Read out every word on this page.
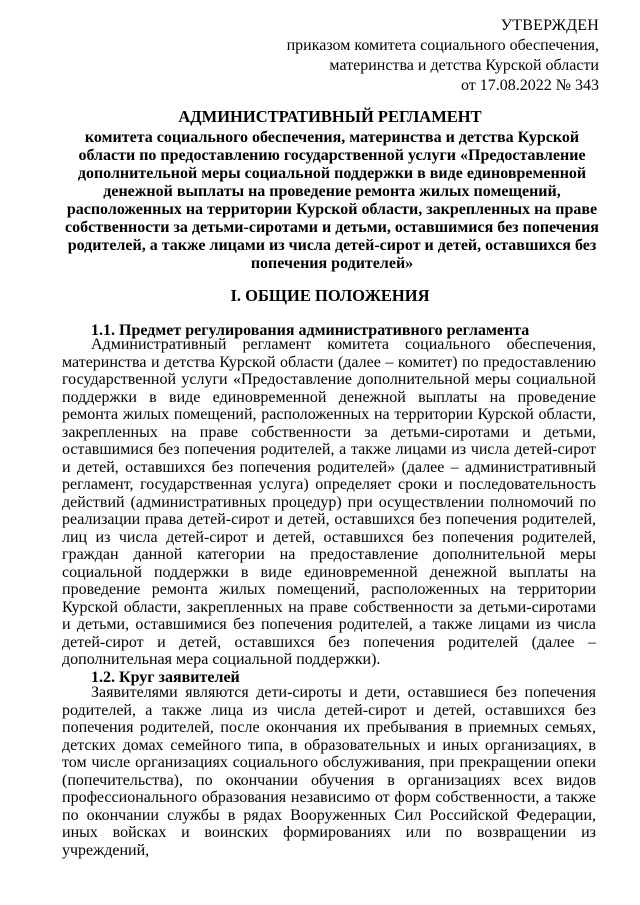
УТВЕРЖДЕН
приказом комитета социального обеспечения,
материнства и детства Курской области
от 17.08.2022 № 343
АДМИНИСТРАТИВНЫЙ РЕГЛАМЕНТ
комитета социального обеспечения, материнства и детства Курской области по предоставлению государственной услуги «Предоставление дополнительной меры социальной поддержки в виде единовременной денежной выплаты на проведение ремонта жилых помещений, расположенных на территории Курской области, закрепленных на праве собственности за детьми-сиротами и детьми, оставшимися без попечения родителей, а также лицами из числа детей-сирот и детей, оставшихся без попечения родителей»
I. ОБЩИЕ ПОЛОЖЕНИЯ
1.1. Предмет регулирования административного регламента
Административный регламент комитета социального обеспечения, материнства и детства Курской области (далее – комитет) по предоставлению государственной услуги «Предоставление дополнительной меры социальной поддержки в виде единовременной денежной выплаты на проведение ремонта жилых помещений, расположенных на территории Курской области, закрепленных на праве собственности за детьми-сиротами и детьми, оставшимися без попечения родителей, а также лицами из числа детей-сирот и детей, оставшихся без попечения родителей» (далее – административный регламент, государственная услуга) определяет сроки и последовательность действий (административных процедур) при осуществлении полномочий по реализации права детей-сирот и детей, оставшихся без попечения родителей, лиц из числа детей-сирот и детей, оставшихся без попечения родителей, граждан данной категории на предоставление дополнительной меры социальной поддержки в виде единовременной денежной выплаты на проведение ремонта жилых помещений, расположенных на территории Курской области, закрепленных на праве собственности за детьми-сиротами и детьми, оставшимися без попечения родителей, а также лицами из числа детей-сирот и детей, оставшихся без попечения родителей (далее – дополнительная мера социальной поддержки).
1.2. Круг заявителей
Заявителями являются дети-сироты и дети, оставшиеся без попечения родителей, а также лица из числа детей-сирот и детей, оставшихся без попечения родителей, после окончания их пребывания в приемных семьях, детских домах семейного типа, в образовательных и иных организациях, в том числе организациях социального обслуживания, при прекращении опеки (попечительства), по окончании обучения в организациях всех видов профессионального образования независимо от форм собственности, а также по окончании службы в рядах Вооруженных Сил Российской Федерации, иных войсках и воинских формированиях или по возвращении из учреждений,
